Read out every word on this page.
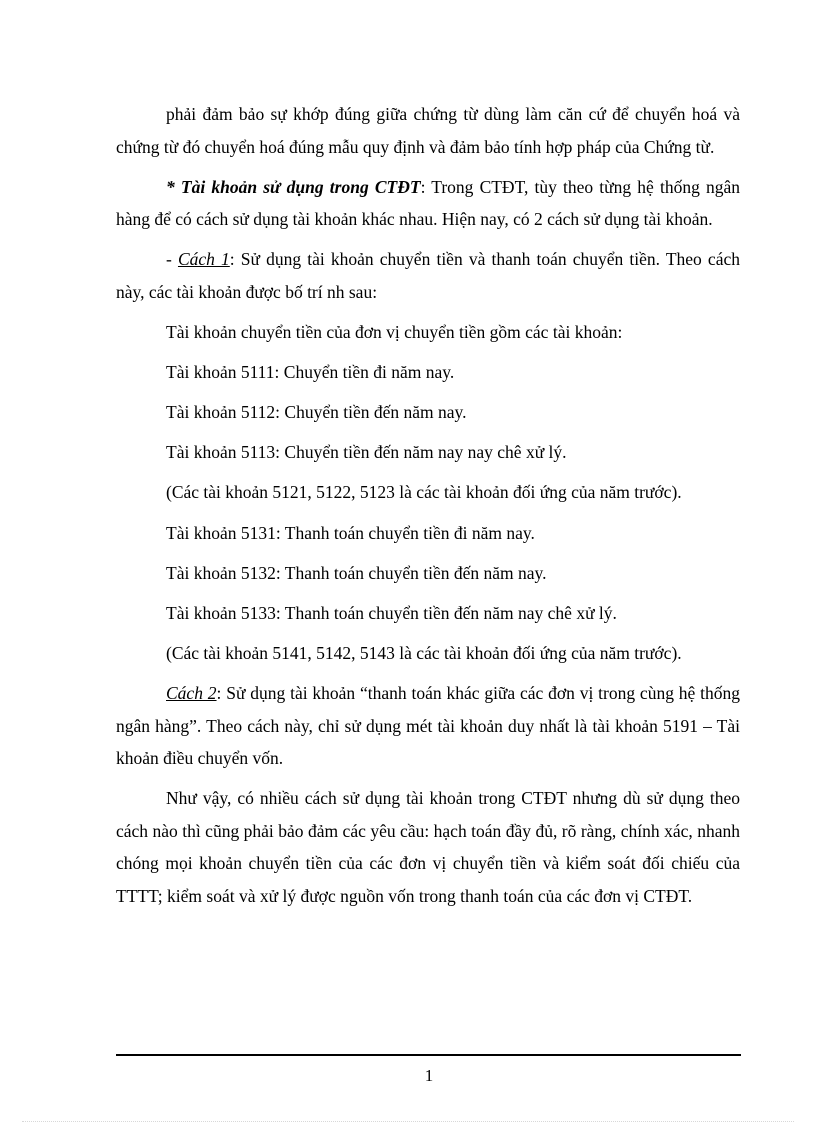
phải đảm bảo sự khớp đúng giữa chứng từ dùng làm căn cứ để chuyển hoá và chứng từ đó chuyển hoá đúng mẫu quy định và đảm bảo tính hợp pháp của Chứng từ.

* Tài khoản sử dụng trong CTĐT: Trong CTĐT, tùy theo từng hệ thống ngân hàng để có cách sử dụng tài khoản khác nhau. Hiện nay, có 2 cách sử dụng tài khoản.

- Cách 1: Sử dụng tài khoản chuyển tiền và thanh toán chuyển tiền. Theo cách này, các tài khoản được bố trí nh sau:

Tài khoản chuyển tiền của đơn vị chuyển tiền gồm các tài khoản:

Tài khoản 5111: Chuyển tiền đi năm nay.

Tài khoản 5112: Chuyển tiền đến năm nay.

Tài khoản 5113: Chuyển tiền đến năm nay nay chê xử lý.

(Các tài khoản 5121, 5122, 5123 là các tài khoản đối ứng của năm trước).

Tài khoản 5131: Thanh toán chuyển tiền đi năm nay.

Tài khoản 5132: Thanh toán chuyển tiền đến năm nay.

Tài khoản 5133: Thanh toán chuyển tiền đến năm nay chê xử lý.

(Các tài khoản 5141, 5142, 5143 là các tài khoản đối ứng của năm trước).

Cách 2: Sử dụng tài khoản “thanh toán khác giữa các đơn vị trong cùng hệ thống ngân hàng”. Theo cách này, chỉ sử dụng mét tài khoản duy nhất là tài khoản 5191 – Tài khoản điều chuyển vốn.

Như vậy, có nhiều cách sử dụng tài khoản trong CTĐT nhưng dù sử dụng theo cách nào thì cũng phải bảo đảm các yêu cầu: hạch toán đầy đủ, rõ ràng, chính xác, nhanh chóng mọi khoản chuyển tiền của các đơn vị chuyển tiền và kiểm soát đối chiếu của TTTT; kiểm soát và xử lý được nguồn vốn trong thanh toán của các đơn vị CTĐT.

1
